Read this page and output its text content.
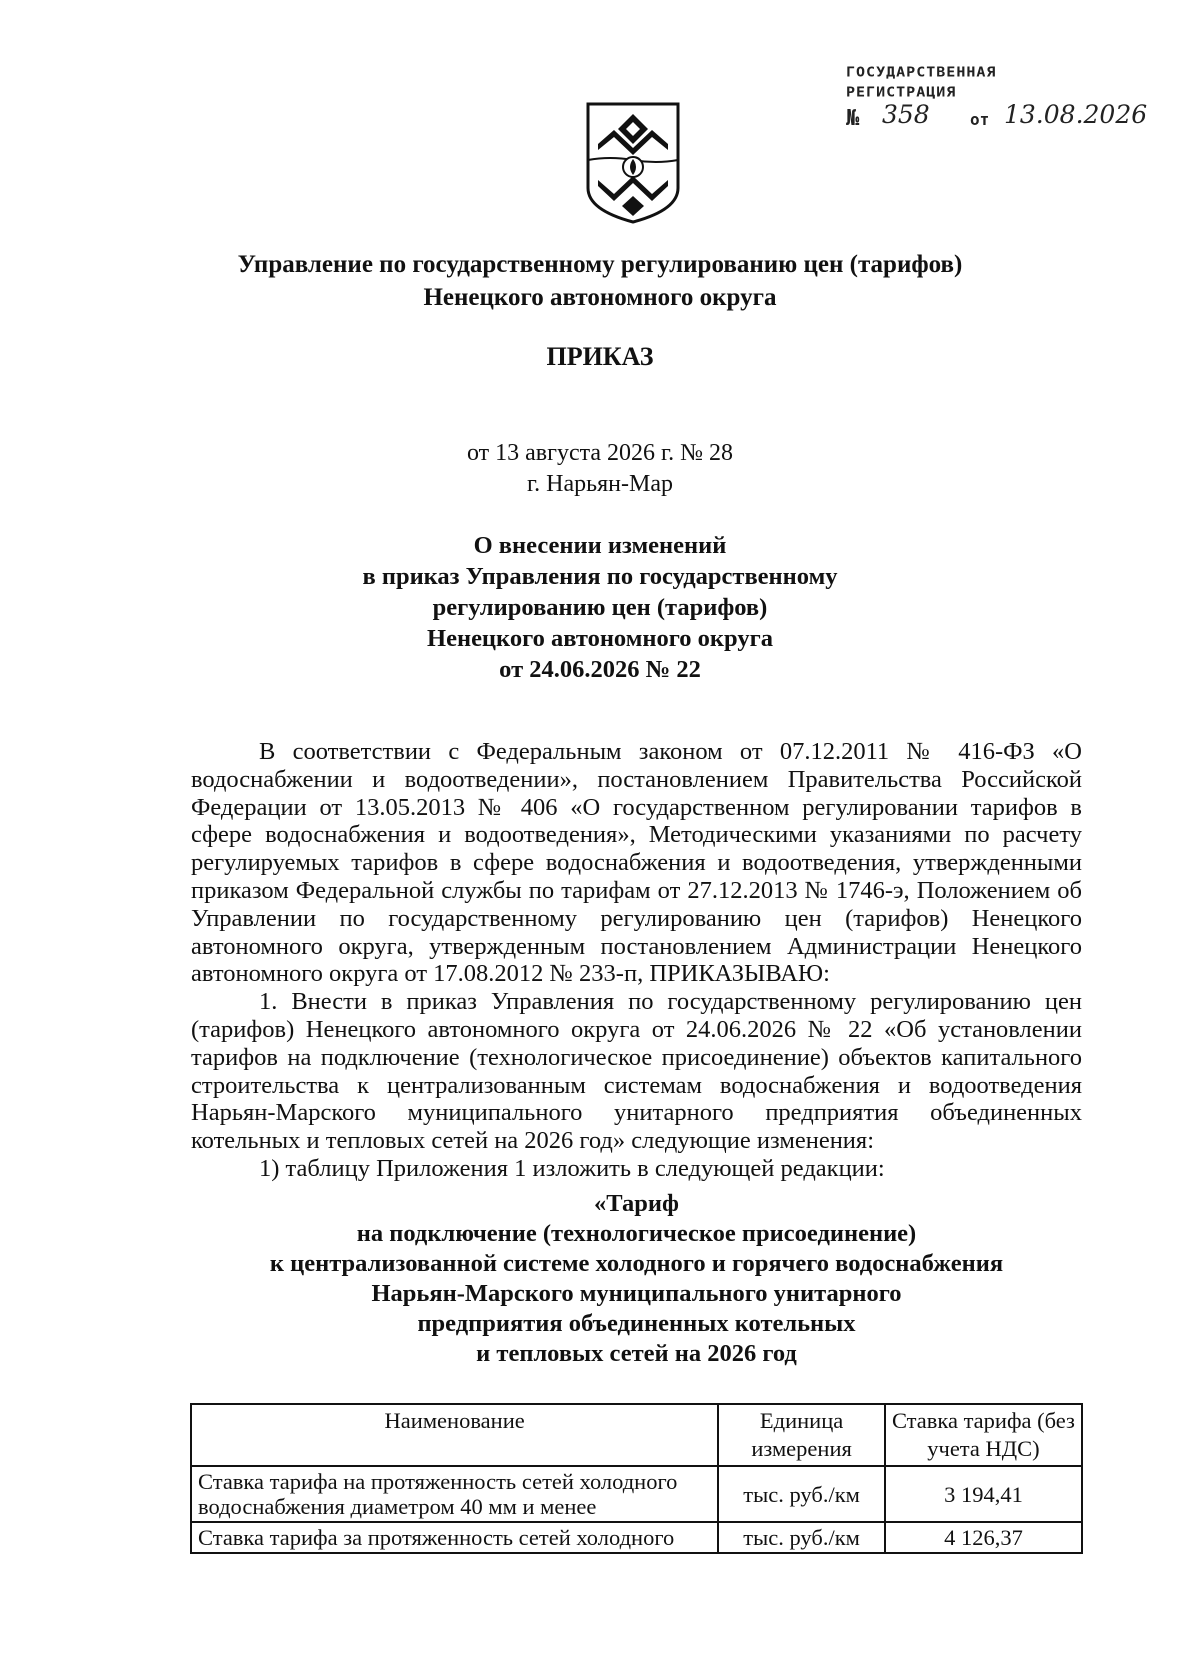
ГОСУДАРСТВЕННАЯ
РЕГИСТРАЦИЯ
№ 358	от 13.08.2026
Управление по государственному регулированию цен (тарифов)
Ненецкого автономного округа
ПРИКАЗ
от 13 августа 2026 г. № 28
г. Нарьян-Мар
О внесении изменений
в приказ Управления по государственному
регулированию цен (тарифов)
Ненецкого автономного округа
от 24.06.2026 № 22

В соответствии с Федеральным законом от 07.12.2011 № 416-ФЗ «О водоснабжении и водоотведении», постановлением Правительства Российской Федерации от 13.05.2013 № 406 «О государственном регулировании тарифов в сфере водоснабжения и водоотведения», Методическими указаниями по расчету регулируемых тарифов в сфере водоснабжения и водоотведения, утвержденными приказом Федеральной службы по тарифам от 27.12.2013 № 1746-э, Положением об Управлении по государственному регулированию цен (тарифов) Ненецкого автономного округа, утвержденным постановлением Администрации Ненецкого автономного округа от 17.08.2012 № 233-п, ПРИКАЗЫВАЮ:

1. Внести в приказ Управления по государственному регулированию цен (тарифов) Ненецкого автономного округа от 24.06.2026 № 22 «Об установлении тарифов на подключение (технологическое присоединение) объектов капитального строительства к централизованным системам водоснабжения и водоотведения Нарьян-Марского муниципального унитарного предприятия объединенных котельных и тепловых сетей на 2026 год» следующие изменения:

1) таблицу Приложения 1 изложить в следующей редакции:

«Тариф

на подключение (технологическое присоединение)

к централизованной системе холодного и горячего водоснабжения

Нарьян-Марского муниципального унитарного

предприятия объединенных котельных

и тепловых сетей на 2026 год

Наименование	Единица измерения	Ставка тарифа (без учета НДС)
Ставка тарифа на протяженность сетей холодного водоснабжения диаметром 40 мм и менее	тыс. руб./км	3 194,41
Ставка тарифа за протяженность сетей холодного	тыс. руб./км	4 126,37
